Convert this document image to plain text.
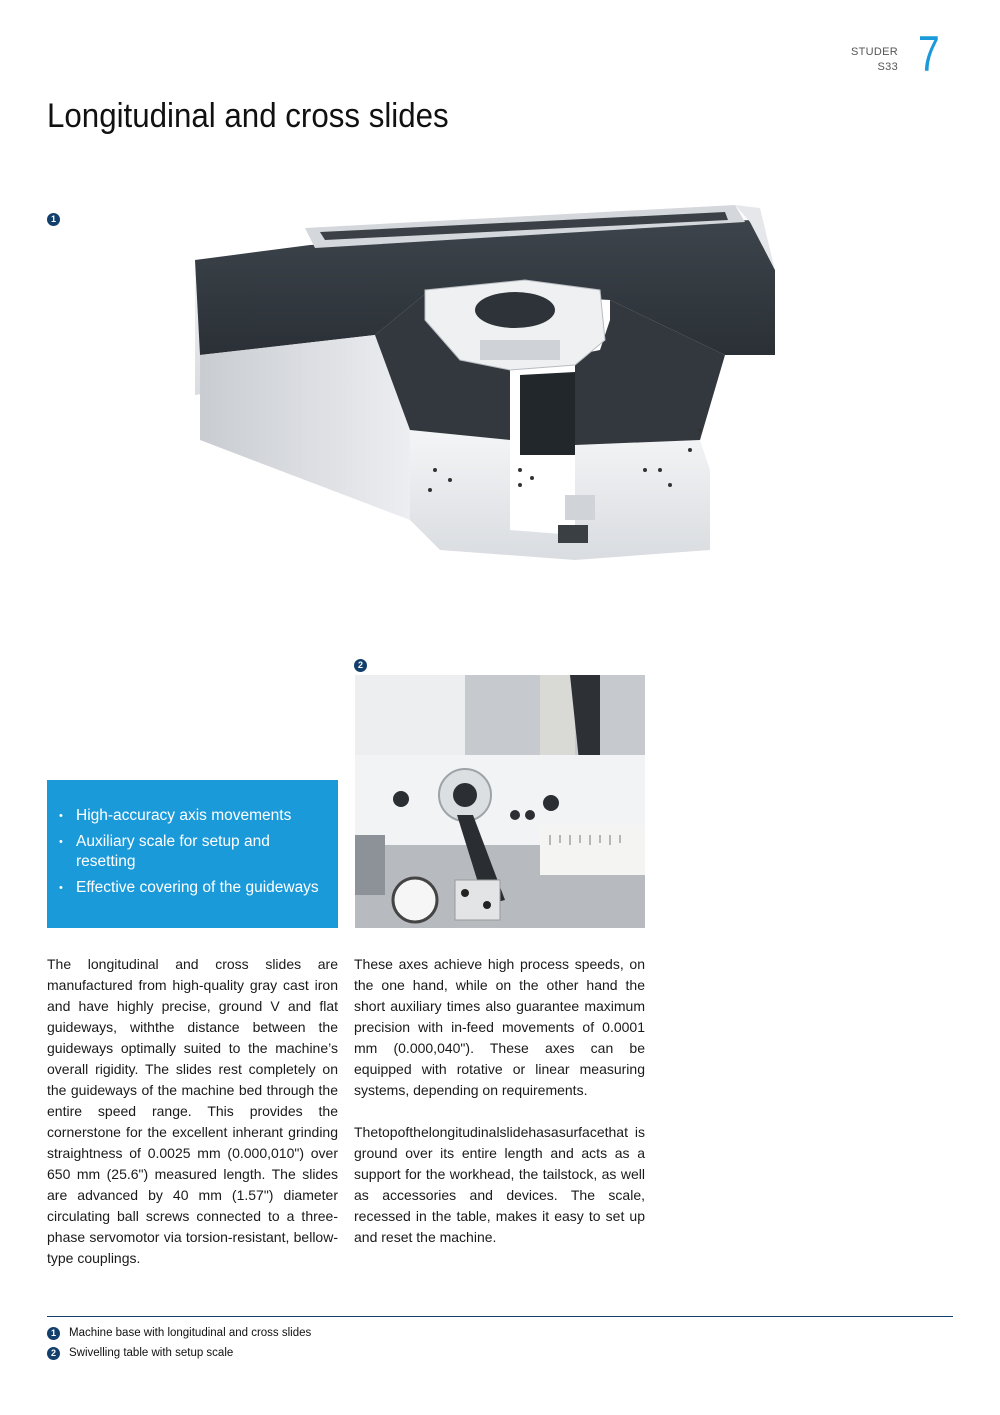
STUDER
S33 7
Longitudinal and cross slides
1
2
• High-accuracy axis movements
• Auxiliary scale for setup and resetting
• Effective covering of the guideways

The longitudinal and cross slides are manufactured from high-quality gray cast iron and have highly precise, ground V and flat guideways, withthe distance between the guideways optimally suited to the machine’s overall rigidity. The slides rest completely on the guideways of the machine bed through the entire speed range. This provides the cornerstone for the excellent inherant grinding straightness of 0.0025 mm (0.000,010") over 650 mm (25.6") measured length. The slides are advanced by 40 mm (1.57") diameter circulating ball screws connected to a three-phase servomotor via torsion-resistant, bellow-type couplings.

These axes achieve high process speeds, on the one hand, while on the other hand the short auxiliary times also guarantee maximum precision with in-feed movements of 0.0001 mm (0.000,040"). These axes can be equipped with rotative or linear measuring systems, depending on requirements.

Thetopofthelongitudinalslidehasasurfacethat is ground over its entire length and acts as a support for the workhead, the tailstock, as well as accessories and devices. The scale, recessed in the table, makes it easy to set up and reset the machine.

1	Machine base with longitudinal and cross slides
2	Swivelling table with setup scale
